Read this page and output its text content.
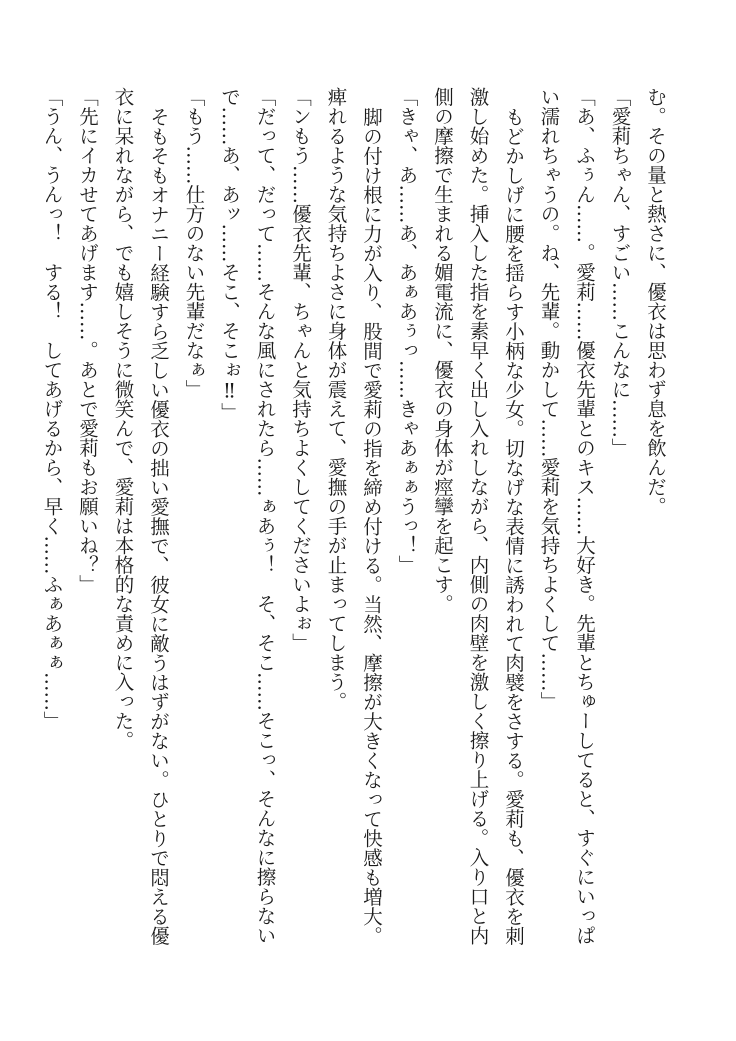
む。その量と熱さに、優衣は思わず息を飲んだ。

「愛莉ちゃん、すごい……こんなに……」

「あ、ふぅん……。愛莉……優衣先輩とのキス……大好き。先輩とちゅーしてると、すぐにいっぱい濡れちゃうの。ね、先輩。動かして……愛莉を気持ちよくして……」

もどかしげに腰を揺らす小柄な少女。切なげな表情に誘われて肉襞をさする。愛莉も、優衣を刺激し始めた。挿入した指を素早く出し入れしながら、内側の肉壁を激しく擦り上げる。入り口と内側の摩擦で生まれる媚電流に、優衣の身体が痙攣を起こす。

「きゃ、あ……あ、あぁあぅっ……きゃあぁぁうっ！」

脚の付け根に力が入り、股間で愛莉の指を締め付ける。当然、摩擦が大きくなって快感も増大。痺れるような気持ちよさに身体が震えて、愛撫の手が止まってしまう。

「ンもう……優衣先輩、ちゃんと気持ちよくしてくださいよぉ」

「だって、だって……そんな風にされたら……ぁあぅ！　そ、そこ……そこっ、そんなに擦らないで……あ、あッ……そこ、そこぉ‼」

「もう……仕方のない先輩だなぁ」

そもそもオナニー経験すら乏しい優衣の拙い愛撫で、彼女に敵うはずがない。ひとりで悶える優衣に呆れながら、でも嬉しそうに微笑んで、愛莉は本格的な責めに入った。

「先にイカせてあげます……。あとで愛莉もお願いね？」

「うん、うんっ！　する！　してあげるから、早く……ふぁあぁぁ……」
